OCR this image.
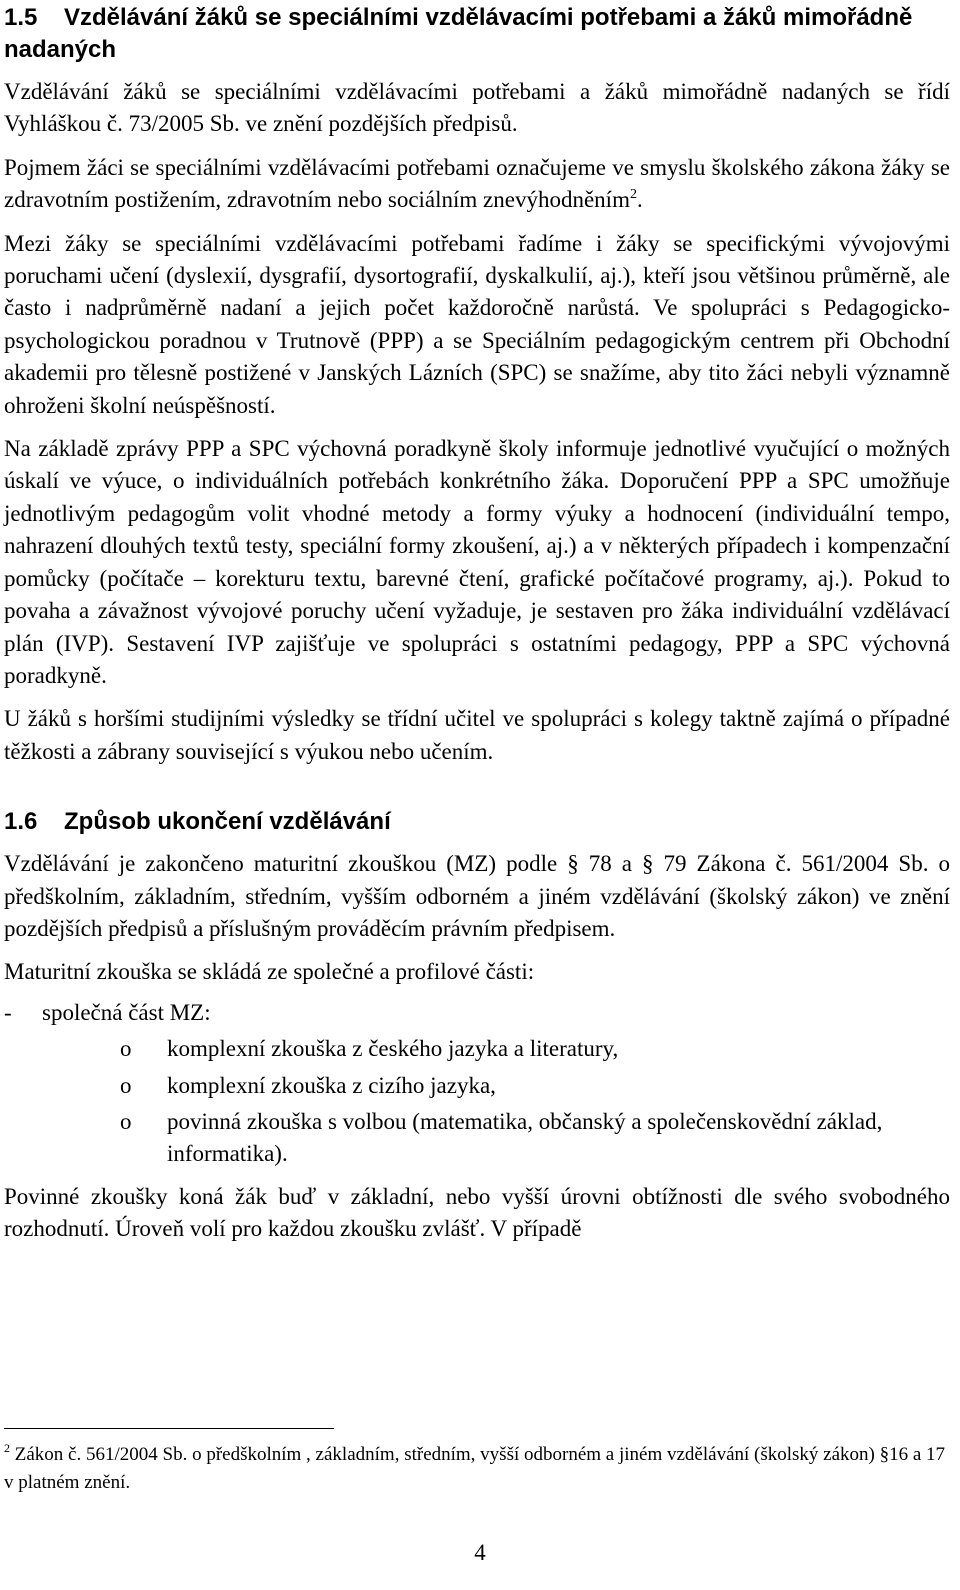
1.5 Vzdělávání žáků se speciálními vzdělávacími potřebami a žáků mimořádně nadaných

Vzdělávání žáků se speciálními vzdělávacími potřebami a žáků mimořádně nadaných se řídí Vyhláškou č. 73/2005 Sb. ve znění pozdějších předpisů.

Pojmem žáci se speciálními vzdělávacími potřebami označujeme ve smyslu školského zákona žáky se zdravotním postižením, zdravotním nebo sociálním znevýhodněním$^2$.

Mezi žáky se speciálními vzdělávacími potřebami řadíme i žáky se specifickými vývojovými poruchami učení (dyslexií, dysgrafií, dysortografií, dyskalkulií, aj.), kteří jsou většinou průměrně, ale často i nadprůměrně nadaní a jejich počet každoročně narůstá. Ve spolupráci s Pedagogicko-psychologickou poradnou v Trutnově (PPP) a se Speciálním pedagogickým centrem při Obchodní akademii pro tělesně postižené v Janských Lázních (SPC) se snažíme, aby tito žáci nebyli významně ohroženi školní neúspěšností.

Na základě zprávy PPP a SPC výchovná poradkyně školy informuje jednotlivé vyučující o možných úskalí ve výuce, o individuálních potřebách konkrétního žáka. Doporučení PPP a SPC umožňuje jednotlivým pedagogům volit vhodné metody a formy výuky a hodnocení (individuální tempo, nahrazení dlouhých textů testy, speciální formy zkoušení, aj.) a v některých případech i kompenzační pomůcky (počítače – korekturu textu, barevné čtení, grafické počítačové programy, aj.). Pokud to povaha a závažnost vývojové poruchy učení vyžaduje, je sestaven pro žáka individuální vzdělávací plán (IVP). Sestavení IVP zajišťuje ve spolupráci s ostatními pedagogy, PPP a SPC výchovná poradkyně.

U žáků s horšími studijními výsledky se třídní učitel ve spolupráci s kolegy taktně zajímá o případné těžkosti a zábrany související s výukou nebo učením.

1.6 Způsob ukončení vzdělávání

Vzdělávání je zakončeno maturitní zkouškou (MZ) podle § 78 a § 79 Zákona č. 561/2004 Sb. o předškolním, základním, středním, vyšším odborném a jiném vzdělávání (školský zákon) ve znění pozdějších předpisů a příslušným prováděcím právním předpisem.

Maturitní zkouška se skládá ze společné a profilové části:

-	společná část MZ:
o	komplexní zkouška z českého jazyka a literatury,
o	komplexní zkouška z cizího jazyka,
o	povinná zkouška s volbou (matematika, občanský a společenskovědní základ, informatika).

Povinné zkoušky koná žák buď v základní, nebo vyšší úrovni obtížnosti dle svého svobodného rozhodnutí. Úroveň volí pro každou zkoušku zvlášť. V případě

$^2$ Zákon č. 561/2004 Sb. o předškolním , základním, středním, vyšší odborném a jiném vzdělávání (školský zákon) §16 a 17 v platném znění.
4
